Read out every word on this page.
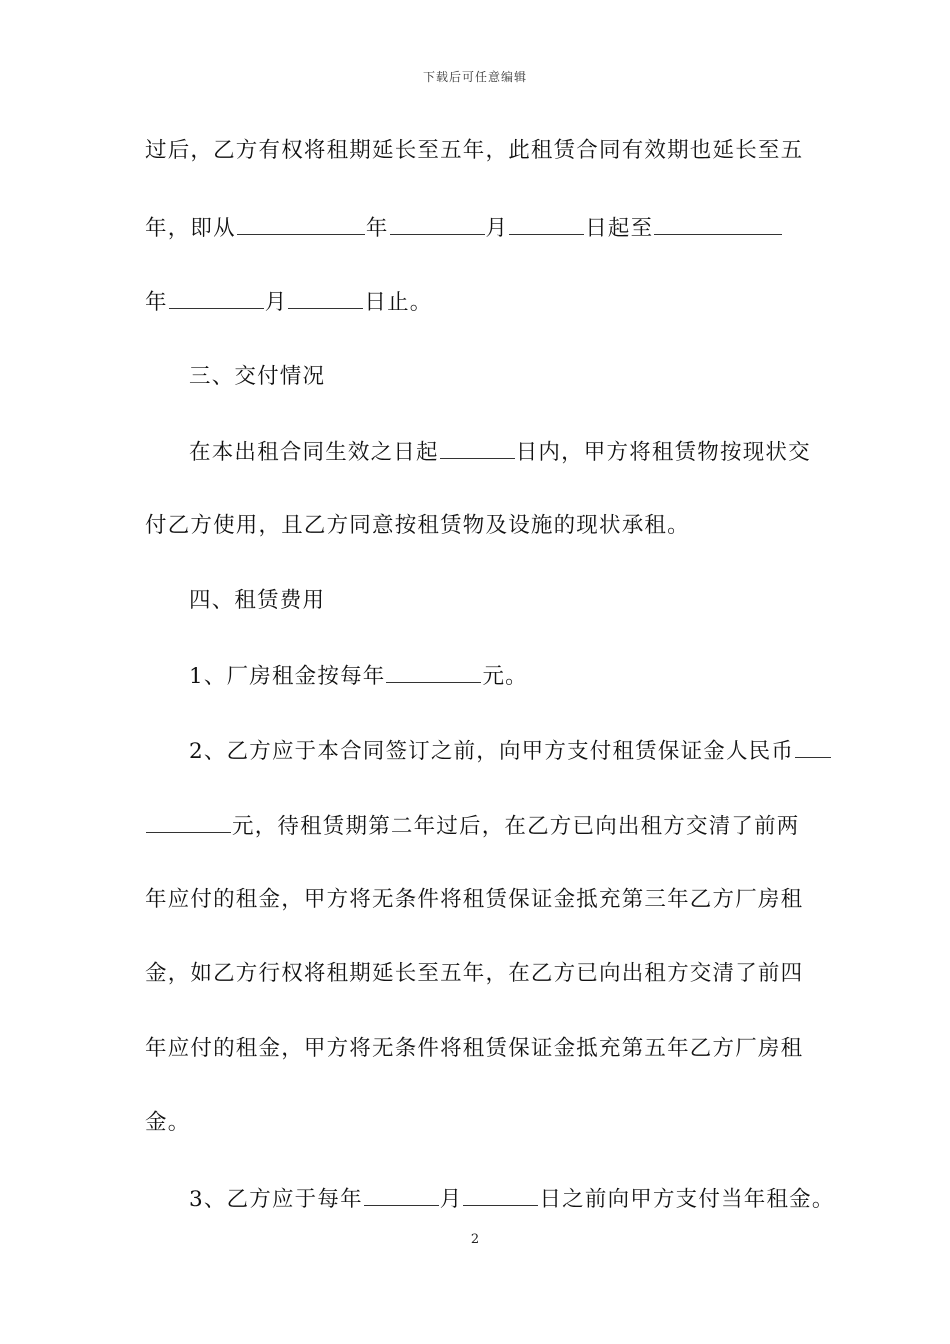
下载后可任意编辑
过后，乙方有权将租期延长至五年，此租赁合同有效期也延长至五
年，即从	年	月	日起至
年	月	日止。
三、交付情况
在本出租合同生效之日起	日内，甲方将租赁物按现状交
付乙方使用，且乙方同意按租赁物及设施的现状承租。
四、租赁费用
1、厂房租金按每年	元。
2、乙方应于本合同签订之前，向甲方支付租赁保证金人民币
元，待租赁期第二年过后，在乙方已向出租方交清了前两
年应付的租金，甲方将无条件将租赁保证金抵充第三年乙方厂房租
金，如乙方行权将租期延长至五年，在乙方已向出租方交清了前四
年应付的租金，甲方将无条件将租赁保证金抵充第五年乙方厂房租
金。
3、乙方应于每年	月	日之前向甲方支付当年租金。
2
